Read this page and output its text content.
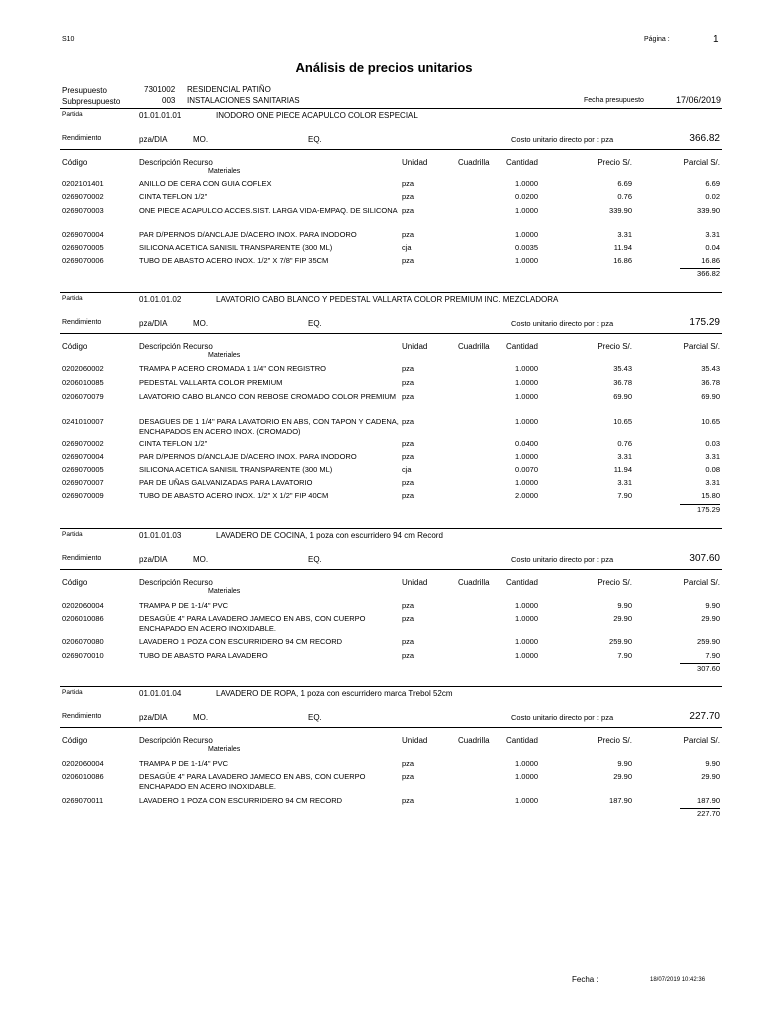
S10	Página :	1
Análisis de precios unitarios
Presupuesto	7301002 RESIDENCIAL PATIÑO
Subpresupuesto	003 INSTALACIONES SANITARIAS	Fecha presupuesto	17/06/2019
Partida	01.01.01.01	INODORO ONE PIECE ACAPULCO COLOR ESPECIAL
Rendimiento	pza/DIA	MO.	EQ.	Costo unitario directo por : pza	366.82
Código	Descripción Recurso	Unidad	Cuadrilla Cantidad	Precio S/.	Parcial S/.
Materiales
0202101401	ANILLO DE CERA CON GUIA COFLEX	pza	1.0000	6.69	6.69
0269070002	CINTA TEFLON 1/2"	pza	0.0200	0.76	0.02
0269070003	ONE PIECE ACAPULCO ACCES.SIST. LARGA VIDA-EMPAQ. DE SILICONA pza	1.0000	339.90	339.90
0269070004	PAR D/PERNOS D/ANCLAJE D/ACERO INOX. PARA INODORO	pza	1.0000	3.31	3.31
0269070005	SILICONA ACETICA SANISIL TRANSPARENTE (300 ML)	cja	0.0035	11.94	0.04
0269070006	TUBO DE ABASTO ACERO INOX. 1/2" X 7/8" FIP 35CM	pza	1.0000	16.86	16.86
366.82
Partida	01.01.01.02	LAVATORIO CABO BLANCO Y PEDESTAL VALLARTA COLOR PREMIUM INC. MEZCLADORA
Rendimiento	pza/DIA	MO.	EQ.	Costo unitario directo por : pza	175.29
Código	Descripción Recurso	Unidad	Cuadrilla Cantidad	Precio S/.	Parcial S/.
Materiales
0202060002	TRAMPA P ACERO CROMADA 1 1/4" CON REGISTRO	pza	1.0000	35.43	35.43
0206010085	PEDESTAL VALLARTA COLOR PREMIUM	pza	1.0000	36.78	36.78
0206070079	LAVATORIO CABO BLANCO CON REBOSE CROMADO COLOR PREMIUM pza	1.0000	69.90	69.90
0241010007	DESAGUES DE 1 1/4" PARA LAVATORIO EN ABS, CON TAPON Y CADENA, ENCHAPADOS EN ACERO INOX. (CROMADO)
pza	1.0000	10.65	10.65
0269070002	CINTA TEFLON 1/2"	pza	0.0400	0.76	0.03
0269070004	PAR D/PERNOS D/ANCLAJE D/ACERO INOX. PARA INODORO	pza	1.0000	3.31	3.31
0269070005	SILICONA ACETICA SANISIL TRANSPARENTE (300 ML)	cja	0.0070	11.94	0.08
0269070007	PAR DE UÑAS GALVANIZADAS PARA LAVATORIO	pza	1.0000	3.31	3.31
0269070009	TUBO DE ABASTO ACERO INOX. 1/2" X 1/2" FIP 40CM	pza	2.0000	7.90	15.80
175.29
Partida	01.01.01.03	LAVADERO DE COCINA, 1 poza con escurridero 94 cm Record
Rendimiento	pza/DIA	MO.	EQ.	Costo unitario directo por : pza	307.60
Código	Descripción Recurso	Unidad	Cuadrilla Cantidad	Precio S/.	Parcial S/.
Materiales
0202060004	TRAMPA P DE 1-1/4" PVC	pza	1.0000	9.90	9.90
0206010086	DESAGÜE 4" PARA LAVADERO JAMECO EN ABS, CON CUERPO ENCHAPADO EN ACERO INOXIDABLE.
pza	1.0000	29.90	29.90
0206070080	LAVADERO 1 POZA CON ESCURRIDERO 94 CM RECORD	pza	1.0000	259.90	259.90
0269070010	TUBO DE ABASTO PARA LAVADERO	pza	1.0000	7.90	7.90
307.60
Partida	01.01.01.04	LAVADERO DE ROPA, 1 poza con escurridero marca Trebol 52cm
Rendimiento	pza/DIA	MO.	EQ.	Costo unitario directo por : pza	227.70
Código	Descripción Recurso	Unidad	Cuadrilla Cantidad	Precio S/.	Parcial S/.
Materiales
0202060004	TRAMPA P DE 1-1/4" PVC	pza	1.0000	9.90	9.90
0206010086	DESAGÜE 4" PARA LAVADERO JAMECO EN ABS, CON CUERPO ENCHAPADO EN ACERO INOXIDABLE.
pza	1.0000	29.90	29.90
0269070011	LAVADERO 1 POZA CON ESCURRIDERO 94 CM RECORD	pza	1.0000	187.90	187.90
227.70
Fecha :	18/07/2019 10:42:36
